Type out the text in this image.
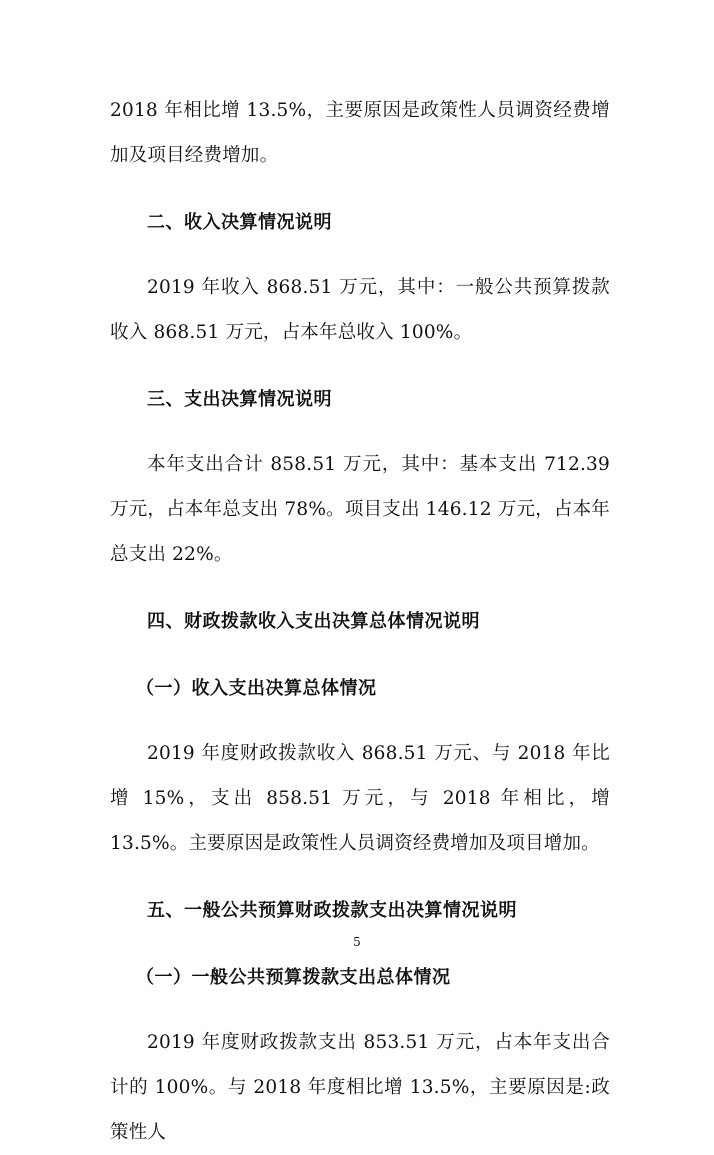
2018 年相比增 13.5%，主要原因是政策性人员调资经费增加及项目经费增加。

二、收入决算情况说明

2019 年收入 868.51 万元，其中：一般公共预算拨款收入 868.51 万元，占本年总收入 100%。

三、支出决算情况说明

本年支出合计 858.51 万元，其中：基本支出 712.39 万元，占本年总支出 78%。项目支出 146.12 万元，占本年总支出 22%。

四、财政拨款收入支出决算总体情况说明
（一）收入支出决算总体情况

2019 年度财政拨款收入 868.51 万元、与 2018 年比增 15%，支出 858.51 万元，与 2018 年相比，增 13.5%。主要原因是政策性人员调资经费增加及项目增加。

五、一般公共预算财政拨款支出决算情况说明
（一）一般公共预算拨款支出总体情况

2019 年度财政拨款支出 853.51 万元，占本年支出合计的 100%。与 2018 年度相比增 13.5%，主要原因是:政策性人

5
